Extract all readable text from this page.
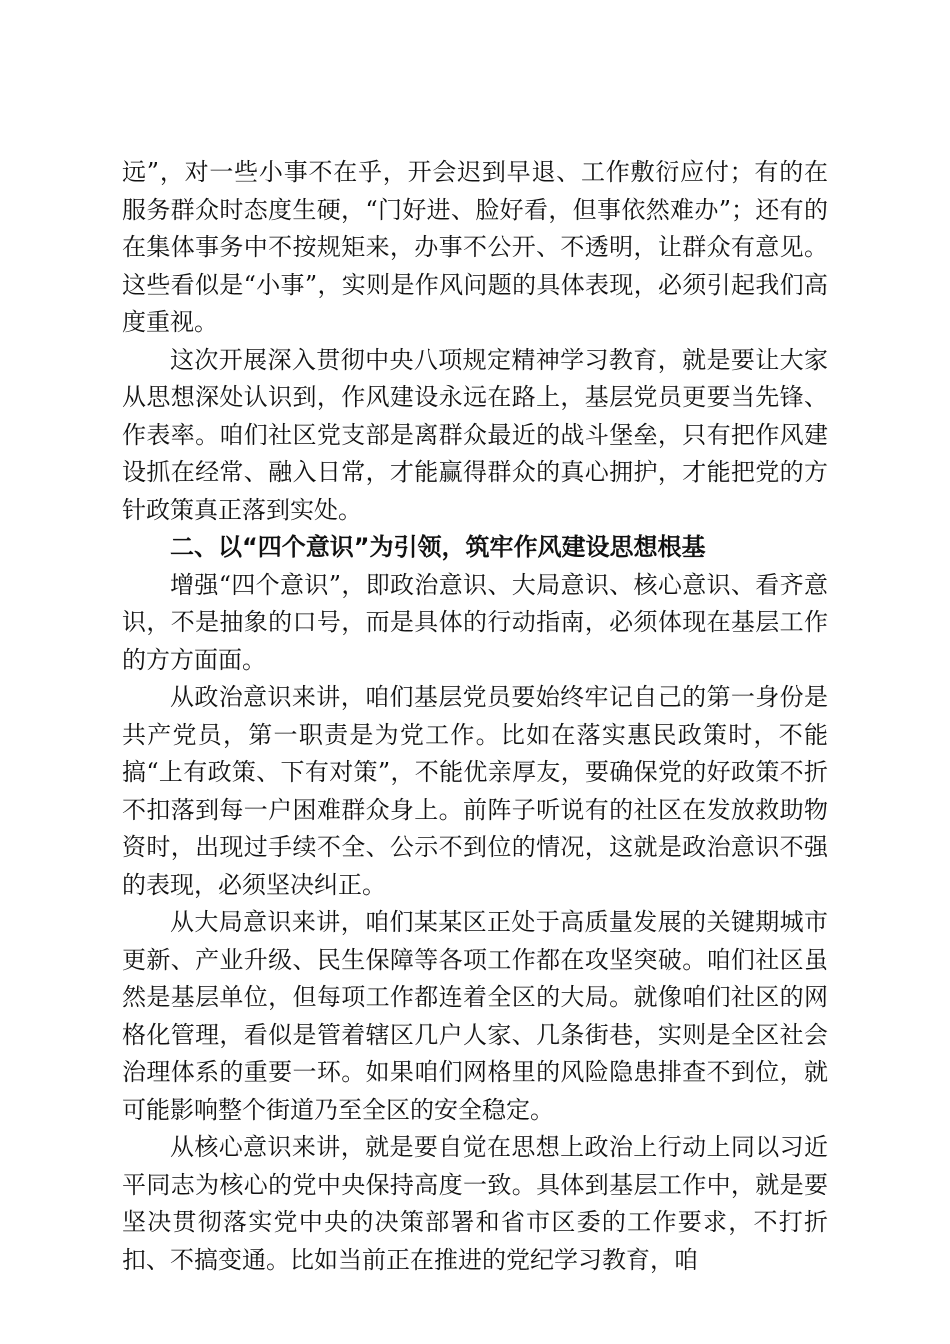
远”，对一些小事不在乎，开会迟到早退、工作敷衍应付；有的在服务群众时态度生硬，“门好进、脸好看，但事依然难办”；还有的在集体事务中不按规矩来，办事不公开、不透明，让群众有意见。这些看似是“小事”，实则是作风问题的具体表现，必须引起我们高度重视。

这次开展深入贯彻中央八项规定精神学习教育，就是要让大家从思想深处认识到，作风建设永远在路上，基层党员更要当先锋、作表率。咱们社区党支部是离群众最近的战斗堡垒，只有把作风建设抓在经常、融入日常，才能赢得群众的真心拥护，才能把党的方针政策真正落到实处。

二、以“四个意识”为引领，筑牢作风建设思想根基

增强“四个意识”，即政治意识、大局意识、核心意识、看齐意识，不是抽象的口号，而是具体的行动指南，必须体现在基层工作的方方面面。

从政治意识来讲，咱们基层党员要始终牢记自己的第一身份是共产党员，第一职责是为党工作。比如在落实惠民政策时，不能搞“上有政策、下有对策”，不能优亲厚友，要确保党的好政策不折不扣落到每一户困难群众身上。前阵子听说有的社区在发放救助物资时，出现过手续不全、公示不到位的情况，这就是政治意识不强的表现，必须坚决纠正。

从大局意识来讲，咱们某某区正处于高质量发展的关键期城市更新、产业升级、民生保障等各项工作都在攻坚突破。咱们社区虽然是基层单位，但每项工作都连着全区的大局。就像咱们社区的网格化管理，看似是管着辖区几户人家、几条街巷，实则是全区社会治理体系的重要一环。如果咱们网格里的风险隐患排查不到位，就可能影响整个街道乃至全区的安全稳定。

从核心意识来讲，就是要自觉在思想上政治上行动上同以习近平同志为核心的党中央保持高度一致。具体到基层工作中，就是要坚决贯彻落实党中央的决策部署和省市区委的工作要求，不打折扣、不搞变通。比如当前正在推进的党纪学习教育，咱
